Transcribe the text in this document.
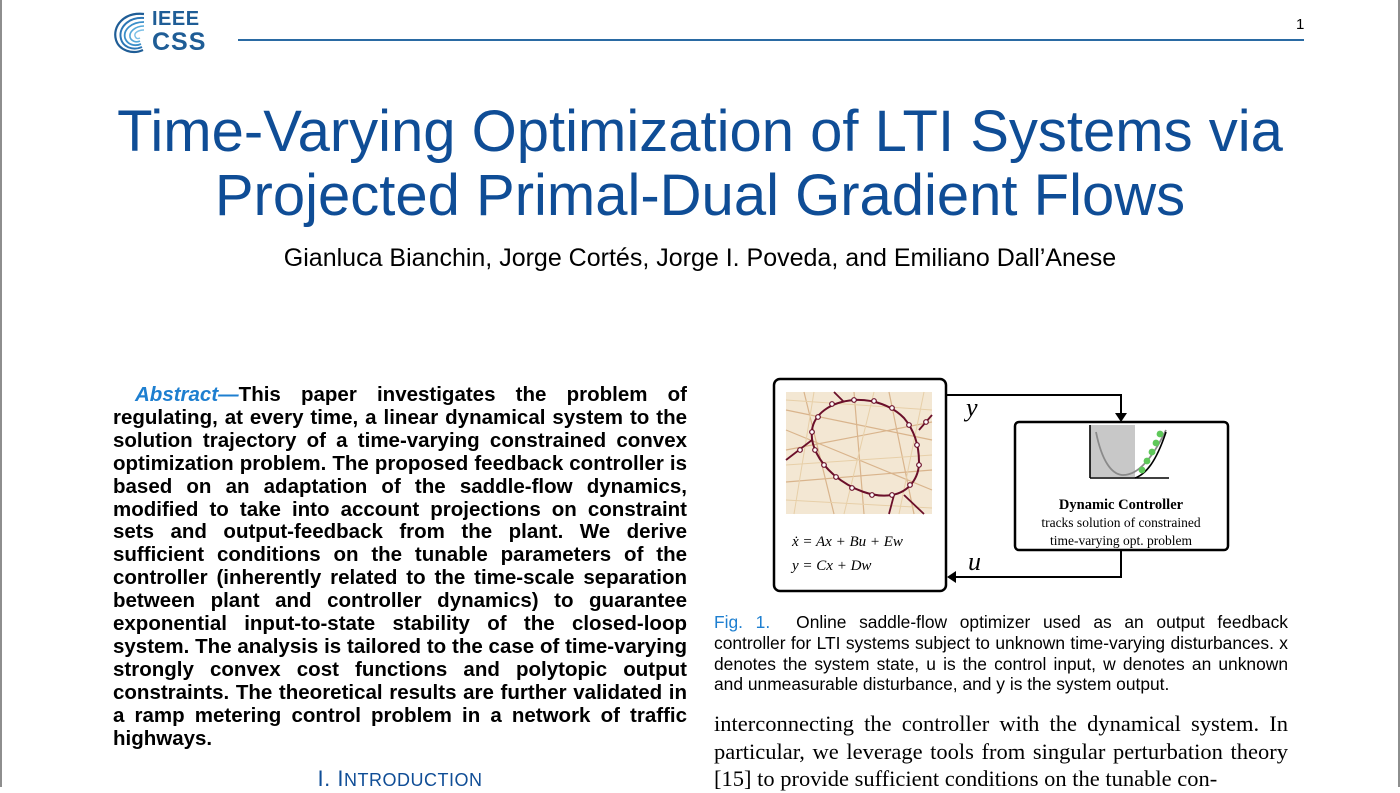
IEEE
CSS
1
Time-Varying Optimization of LTI Systems via
Projected Primal-Dual Gradient Flows
Gianluca Bianchin, Jorge Cortés, Jorge I. Poveda, and Emiliano Dall’Anese
Abstract—This paper investigates the problem of regulating, at every time, a linear dynamical system to the solution trajectory of a time-varying constrained convex optimization problem. The proposed feedback controller is based on an adaptation of the saddle-flow dynamics, modified to take into account projections on constraint sets and output-feedback from the plant. We derive sufficient conditions on the tunable parameters of the controller (inherently related to the time-scale separation between plant and controller dynamics) to guarantee exponential input-to-state stability of the closed-loop system. The analysis is tailored to the case of time-varying strongly convex cost functions and polytopic output constraints. The theoretical results are further validated in a ramp metering control problem in a network of traffic highways.
I. INTRODUCTION
ẋ = Ax + Bu + Ew
y = Cx + Dw
Dynamic Controller
tracks solution of constrained
time-varying opt. problem
y
u
Fig. 1. Online saddle-flow optimizer used as an output feedback controller for LTI systems subject to unknown time-varying disturbances. x denotes the system state, u is the control input, w denotes an unknown and unmeasurable disturbance, and y is the system output.
interconnecting the controller with the dynamical system. In particular, we leverage tools from singular perturbation theory [15] to provide sufficient conditions on the tunable con-
